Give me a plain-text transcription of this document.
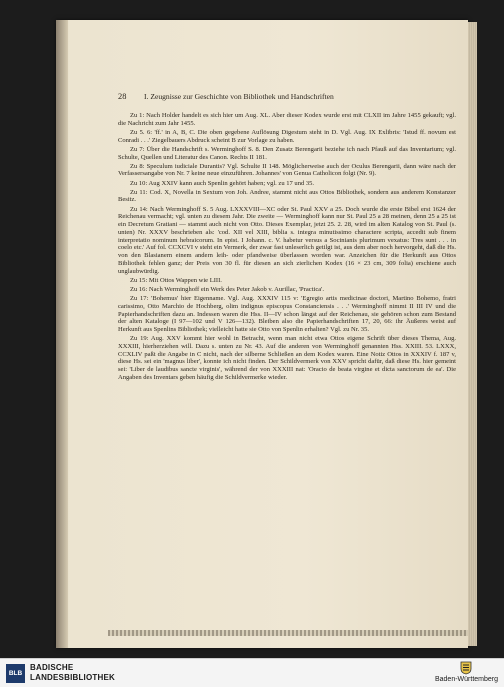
28 I. Zeugnisse zur Geschichte von Bibliothek und Handschriften

Zu 1: Nach Holder handelt es sich hier um Aug. XL. Aber dieser Kodex wurde erst mit CLXII im Jahre 1455 gekauft; vgl. die Nachricht zum Jahr 1455.

Zu 5. 6: 'ff.' in A, B, C. Die oben gegebene Auflösung Digestum steht in D. Vgl. Aug. IX Exlibris: 'Istud ff. novum est Conradi . . .' Ziegelbauers Abdruck scheint B zur Vorlage zu haben.

Zu 7: Über die Handschrift s. Wermingho​ff S. 8. Den Zusatz Berengarii beziehe ich nach Pfauß auf das Inventarium; vgl. Schulte, Quellen und Literatur des Canon. Rechts II 181.

Zu 8: Speculum iudiciale Durantis? Vgl. Schulte II 148. Möglicherweise auch der Oculus Berengarii, dann wäre nach der Verfassersangabe von Nr. 7 keine neue einzuführen. Johannes' von Genua Catholicon folgt (Nr. 9).

Zu 10: Aug XXIV kann auch Spenlin gehört haben; vgl. zu 17 und 35.

Zu 11: Cod. X, Novella in Sextum von Joh. Andree, stammt nicht aus Ottos Bibliothek, sondern aus anderem Konstanzer Besitz.

Zu 14: Nach Wermingho​ff S. 5 Aug. LXXXVIII—XC oder St. Paul XXV a 25. Doch wurde die erste Bibel erst 1624 der Reichenau vermacht; vgl. unten zu diesem Jahr. Die zweite — Wermingho​ff kann nur St. Paul 25 a 28 meinen, denn 25 a 25 ist ein Decretum Gratiani — stammt auch nicht von Otto. Dieses Exemplar, jetzt 25. 2. 28, wird im alten Katalog von St. Paul (s. unten) Nr. XXXV beschrieben als: 'cod. XII vel XIII, biblia s. integra minutissimo charactere scripta, accedit sub finem interpretatio nominum hebraicorum. In epist. I Johann. c. V. habetur versus a Socinianis plurimum vexatus: Tres sunt . . . in coelo etc.' Auf fol. CCXCVI v steht ein Vermerk, der zwar fast unleserlich getilgt ist, aus dem aber noch hervorgeht, daß die Hs. von den Blasianern einem andern leih- oder pfandweise überlassen worden war. Anzeichen für die Herkunft aus Ottos Bibliothek fehlen ganz; der Preis von 30 fl. für diesen an sich zierlichen Kodex (16 × 23 cm, 309 folia) erschiene auch unglaubwürdig.

Zu 15: Mit Ottos Wappen wie LIII.

Zu 16: Nach Wermingho​ff ein Werk des Peter Jakob v. Aurillac, 'Practica'.

Zu 17: 'Bohemus' hier Eigenname. Vgl. Aug. XXXIV 115 v: 'Egregio artis medicinae doctori, Martino Bohemo, fratri carissimo, Otto Marchio de Hochberg, olim indignus episcopus Constanciensis . . .' Wermingho​ff nimmt II III IV und die Papierhandschriften dazu an. Indessen waren die Hss. II—IV schon längst auf der Reichenau, sie gehören schon zum Bestand der alten Kataloge (I 97—102 und V 126—132). Bleiben also die Papierhandschriften 17, 20, 66: ihr Äußeres weist auf Herkunft aus Spenlins Bibliothek; vielleicht hatte sie Otto von Spenlin erhalten? Vgl. zu Nr. 35.

Zu 19: Aug. XXV kommt hier wohl in Betracht, wenn man nicht etwa Ottos eigene Schrift über dieses Thema, Aug. XXXIII, hierherziehen will. Dazu s. unten zu Nr. 43. Auf die anderen von Wermingho​ff genannten Hss. XXIII. 53. LXXX, CCXLIV paßt die Angabe in C nicht, nach der silberne Schließen an dem Kodex waren. Eine Notiz Ottos in XXXIV f. 187 v, diese Hs. sei ein 'magnus liber', konnte ich nicht finden. Der Schildvermerk von XXV spricht dafür, daß diese Hs. hier gemeint sei: 'Liber de laudibus sancte virginis', während der von XXXIII nat: 'Oracio de beata virgine et dicta sanctorum de ea'. Die Angaben des Inventars geben häufig die Schildvermerke wieder.

BLB
BADISCHE
LANDESBIBLIOTHEK	Baden-Württemberg
